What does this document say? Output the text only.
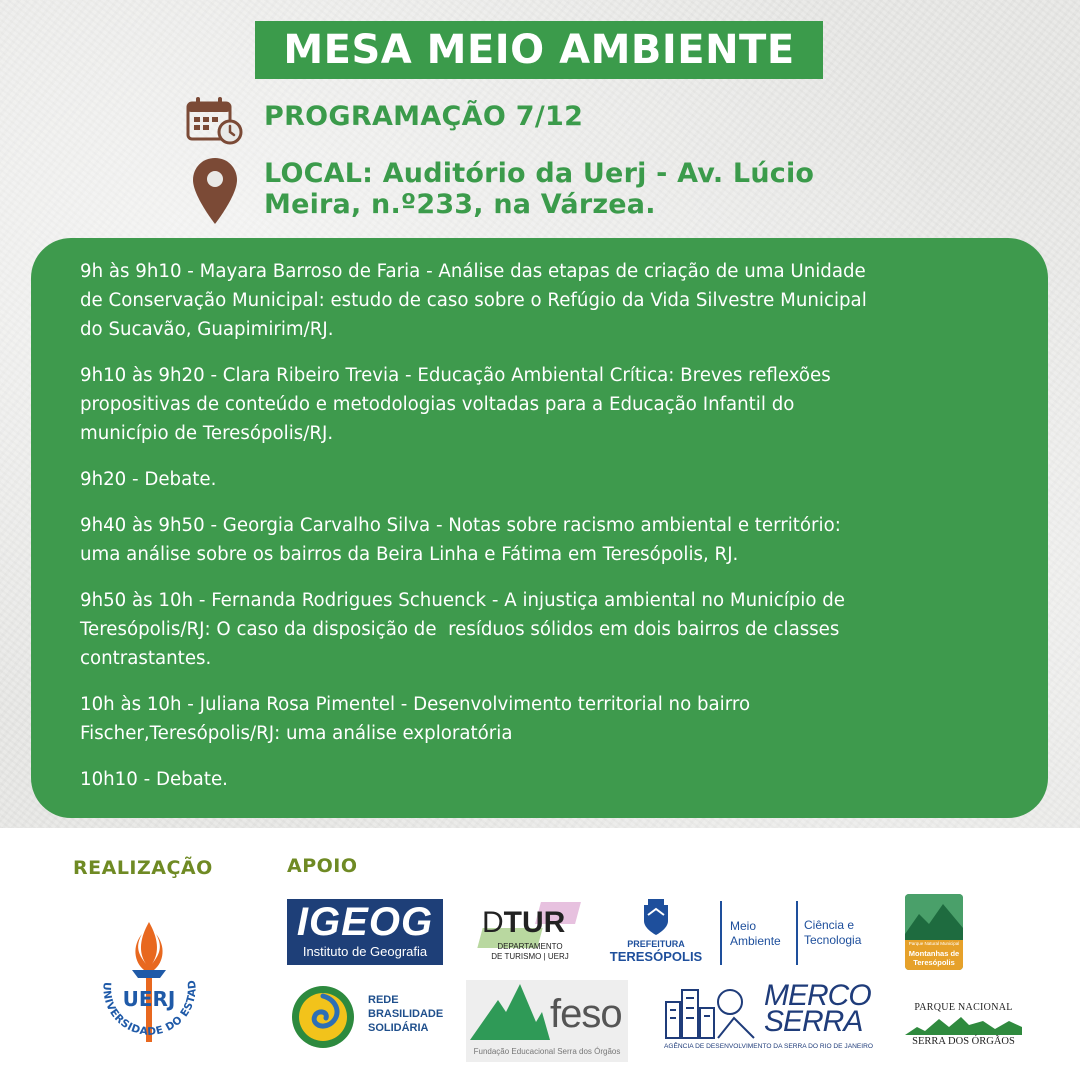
MESA MEIO AMBIENTE
PROGRAMAÇÃO 7/12
LOCAL: Auditório da Uerj - Av. Lúcio
Meira, n.º233, na Várzea.

9h às 9h10 - Mayara Barroso de Faria - Análise das etapas de criação de uma Unidade
de Conservação Municipal: estudo de caso sobre o Refúgio da Vida Silvestre Municipal
do Sucavão, Guapimirim/RJ.

9h10 às 9h20 - Clara Ribeiro Trevia - Educação Ambiental Crítica: Breves reflexões
propositivas de conteúdo e metodologias voltadas para a Educação Infantil do
município de Teresópolis/RJ.

9h20 - Debate.

9h40 às 9h50 - Georgia Carvalho Silva - Notas sobre racismo ambiental e território:
uma análise sobre os bairros da Beira Linha e Fátima em Teresópolis, RJ.

9h50 às 10h - Fernanda Rodrigues Schuenck - A injustiça ambiental no Município de
Teresópolis/RJ: O caso da disposição de  resíduos sólidos em dois bairros de classes
contrastantes.

10h às 10h - Juliana Rosa Pimentel - Desenvolvimento territorial no bairro
Fischer,Teresópolis/RJ: uma análise exploratória

10h10 - Debate.

REALIZAÇÃO	APOIO
UERJ
UNIVERSIDADE DO ESTAD
IGEOG
Instituto de Geografia
DTUR
DEPARTAMENTO
DE TURISMO | UERJ
PREFEITURA
TERESÓPOLIS
Meio
Ambiente
Ciência e
Tecnologia	Parque Natural Municipal
Montanhas de
Teresópolis
REDE
BRASILIDADE
SOLIDÁRIA	feso
Fundação Educacional Serra dos Órgãos
MERCO
SERRA
AGÊNCIA DE DESENVOLVIMENTO DA SERRA DO RIO DE JANEIRO
PARQUE NACIONAL
SERRA DOS ÓRGÃOS
